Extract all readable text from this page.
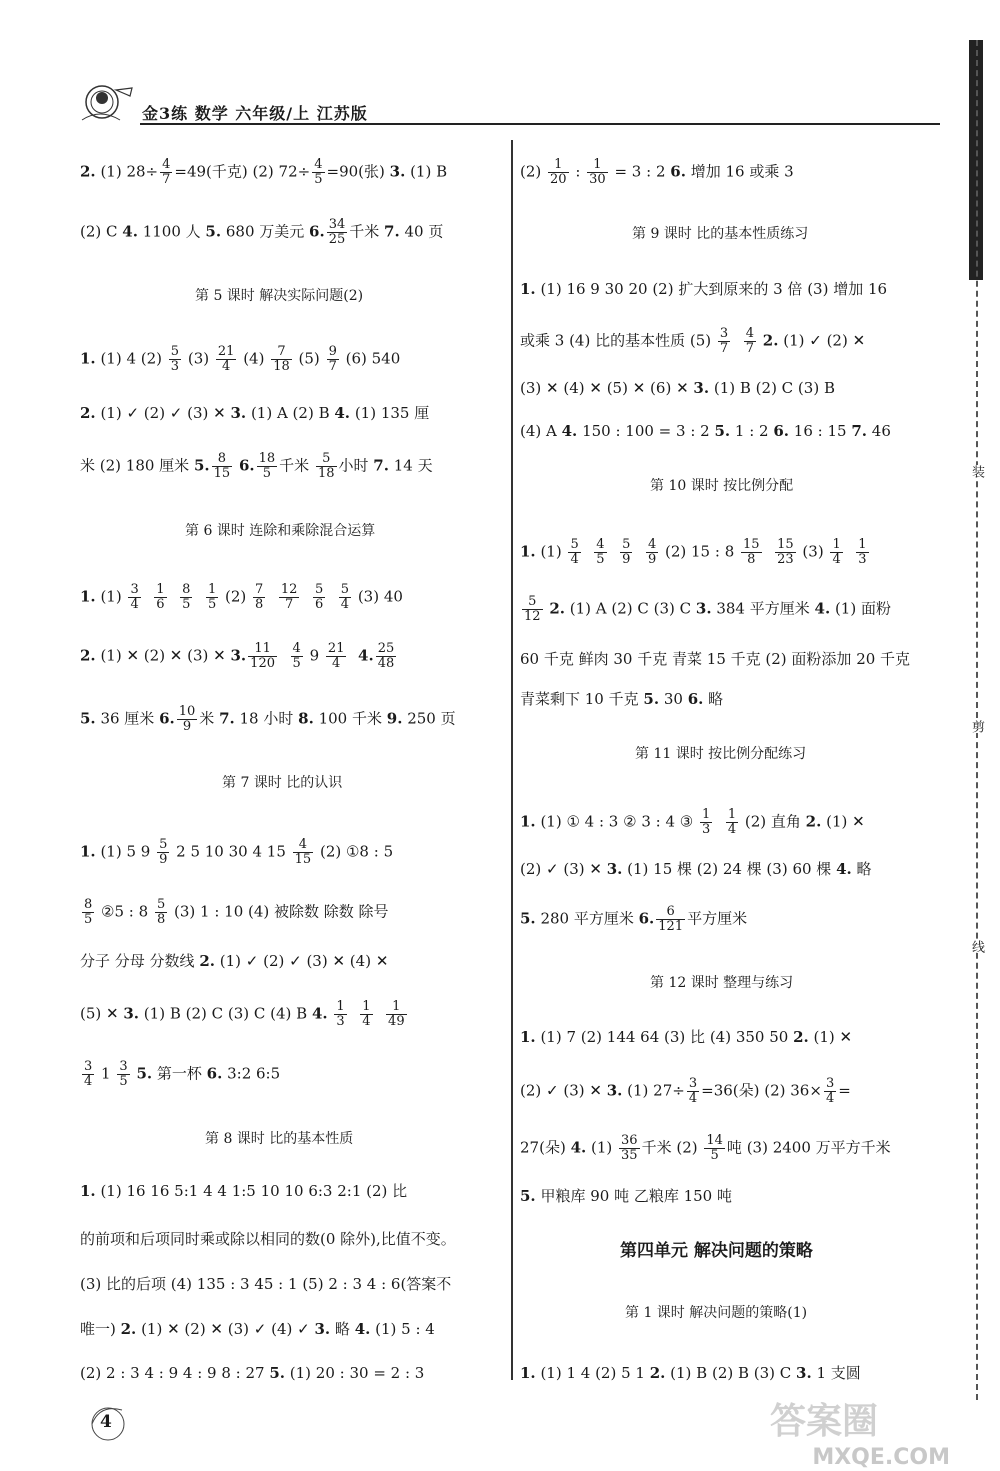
金3练 数学 六年级/上 江苏版
2. (1) $28\div \frac{4}{7} =49$(千克) (2) $72\div \frac{4}{5} =90$(张) 3. (1) B
(2) C 4. 1100 人 5. 680 万美元 6. $\frac{34}{25}$ 千米 7. 40 页
第 5 课时 解决实际问题(2)
1. (1) 4 $(2) \frac{5}{3} (3) \frac{21}{4} (4) \frac{7}{18} (5) \frac{9}{7} (6)$ 540
2. (1) ✓ (2) ✓ (3) ✕ 3. (1) A (2) B 4. (1) 135 厘
米 (2) 180 厘米 5. $\frac{8}{15} 6$. $\frac{18}{5}$ 千米 $\frac{5}{18}$ 小时 7. 14 天
第 6 课时 连除和乘除混合运算
1. $(1) \frac{3}{4}$
$\frac{1}{6}$
$\frac{8}{5}$
$\frac{1}{5} (2) \frac{7}{8}$
$\frac{12}{7}$
$\frac{5}{6}$
$\frac{5}{4} (3)$ 40
2. (1) ✕ (2) ✕ (3) ✕ 3. $\frac{11}{120}$
$\frac{4}{5} 9 \frac{21}{4} 4$. $\frac{25}{48}$
5. 36 厘米 6. $\frac{10}{9}$ 米 7. 18 小时 8. 100 千米 9. 250 页
第 7 课时 比的认识
1. (1) 5 $9 \frac{5}{9} 2$ 5 10 30 4 $15 \frac{4}{15} (2)$ ①8 : 5
$\frac{8}{5}$ ②5 : $8 \frac{5}{8} (3)$ 1 : 10 (4) 被除数 除数 除号
分子 分母 分数线 2. (1) ✓ (2) ✓ (3) ✕ (4) ✕
(5) ✕ 3. (1) B (2) C (3) C (4) B 4. $\frac{1}{3}$
$\frac{1}{4}$
$\frac{1}{49}$
$\frac{3}{4} 1 \frac{3}{5} 5$. 第一杯 6. 3:2 6:5
第 8 课时 比的基本性质
1. (1) 16 16 5:1 4 4 1:5 10 10 6:3 2:1 (2) 比
的前项和后项同时乘或除以相同的数(0 除外),比值不变。
(3) 比的后项 (4) 135 : 3 45 : 1 (5) 2 : 3 4 : 6(答案不
唯一) 2. (1) ✕ (2) ✕ (3) ✓ (4) ✓ 3. 略 4. (1) 5 : 4
(2) 2 : 3 4 : 9 4 : 9 8 : 27 5. (1) 20 : 30 = 2 : 3
$(2) \frac{1}{20}$ : $\frac{1}{30} = 3$ : 2 6. 增加 16 或乘 3
第 9 课时 比的基本性质练习
1. (1) 16 9 30 20 (2) 扩大到原来的 3 倍 (3) 增加 16
或乘 3 (4) 比的基本性质 $(5) \frac{3}{7}$
$\frac{4}{7} 2$. (1) ✓ (2) ✕
(3) ✕ (4) ✕ (5) ✕ (6) ✕ 3. (1) B (2) C (3) B
(4) A 4. 150 : 100 = 3 : 2 5. 1 : 2 6. 16 : 15 7. 46
第 10 课时 按比例分配
1. $(1) \frac{5}{4}$
$\frac{4}{5}$
$\frac{5}{9}$
$\frac{4}{9} (2)$ 15 : $8 \frac{15}{8}$
$\frac{15}{23} (3) \frac{1}{4}$
$\frac{1}{3}$
$\frac{5}{12} 2$. (1) A (2) C (3) C 3. 384 平方厘米 4. (1) 面粉
60 千克 鲜肉 30 千克 青菜 15 千克 (2) 面粉添加 20 千克
青菜剩下 10 千克 5. 30 6. 略
第 11 课时 按比例分配练习
1. (1) ① 4 : 3 ② 3 : 4 ③ $\frac{1}{3}$
$\frac{1}{4} (2)$ 直角 2. (1) ✕
(2) ✓ (3) ✕ 3. (1) 15 棵 (2) 24 棵 (3) 60 棵 4. 略
5. 280 平方厘米 6. $\frac{6}{121}$ 平方厘米
第 12 课时 整理与练习
1. (1) 7 (2) 144 64 (3) 比 (4) 350 50 2. (1) ✕
(2) ✓ (3) ✕ 3. (1) $27\div \frac{3}{4} =36$(朵) (2) $36\times \frac{3}{4}$ =
27(朵) 4. $(1) \frac{36}{35}$ 千米 $(2) \frac{14}{5}$ 吨 (3) 2400 万平方千米
5. 甲粮库 90 吨 乙粮库 150 吨
第四单元 解决问题的策略
第 1 课时 解决问题的策略(1)
1. (1) 1 4 (2) 5 1 2. (1) B (2) B (3) C 3. 1 支圆
装
剪
线
4	答案圈
MXQE.COM
